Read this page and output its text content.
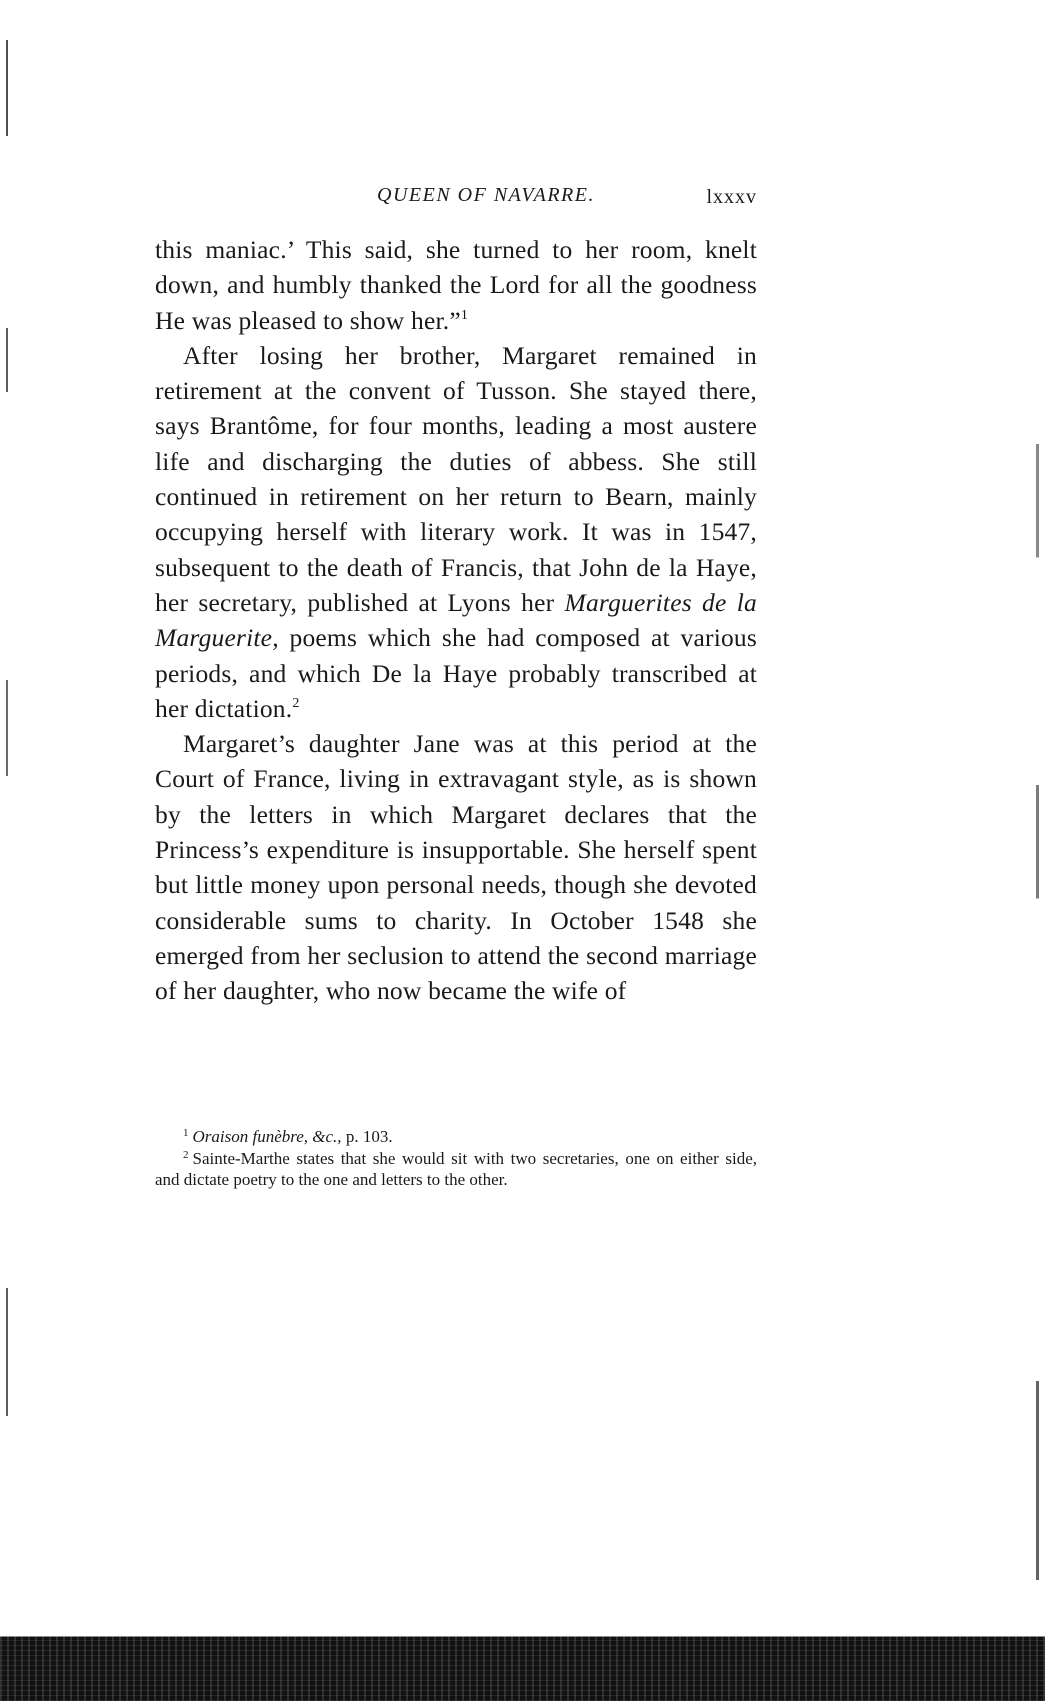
QUEEN OF NAVARRE.	lxxxv

this maniac.’ This said, she turned to her room, knelt down, and humbly thanked the Lord for all the goodness He was pleased to show her.”$^1$

After losing her brother, Margaret remained in retirement at the convent of Tusson. She stayed there, says Brantôme, for four months, leading a most austere life and discharging the duties of abbess. She still continued in retirement on her return to Bearn, mainly occupying herself with literary work. It was in 1547, subsequent to the death of Francis, that John de la Haye, her secretary, published at Lyons her Marguerites de la Marguerite, poems which she had composed at various periods, and which De la Haye probably transcribed at her dictation.$^2$

Margaret’s daughter Jane was at this period at the Court of France, living in extravagant style, as is shown by the letters in which Margaret declares that the Princess’s expenditure is insupportable. She herself spent but little money upon personal needs, though she devoted considerable sums to charity. In October 1548 she emerged from her seclusion to attend the second marriage of her daughter, who now became the wife of

$^1$ Oraison funèbre, &c., p. 103.

$^2$ Sainte-Marthe states that she would sit with two secretaries, one on either side, and dictate poetry to the one and letters to the other.
